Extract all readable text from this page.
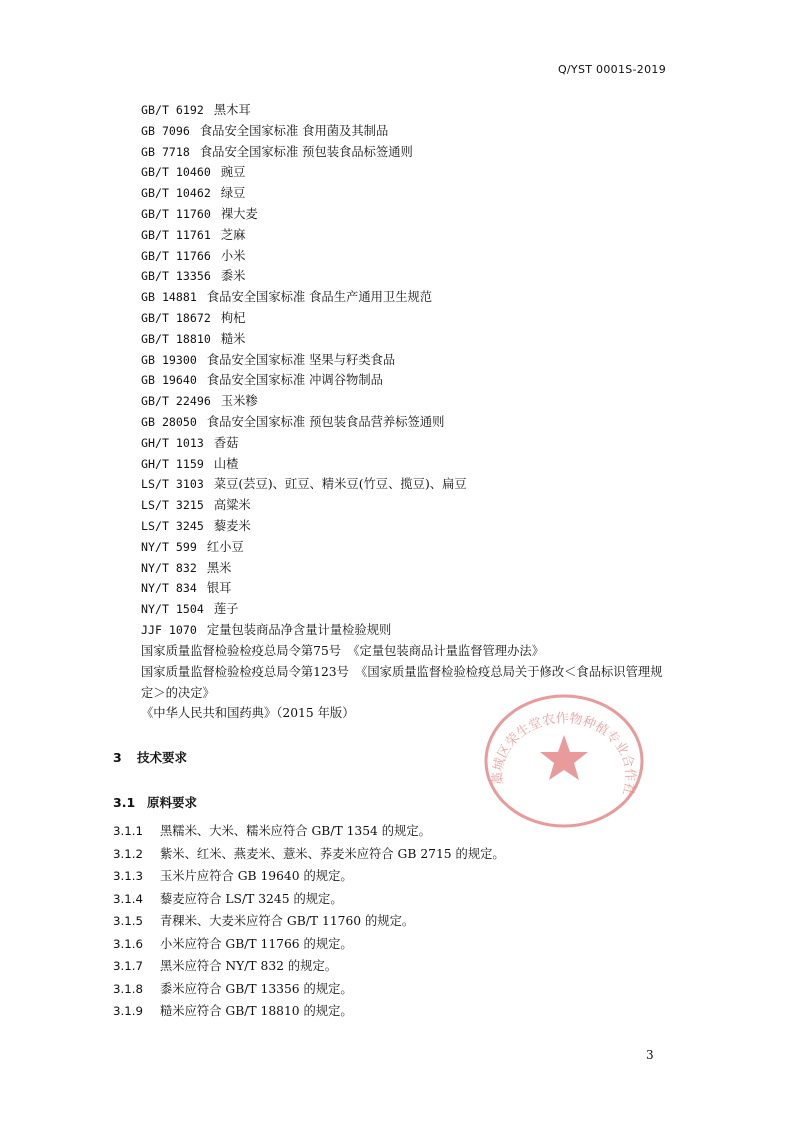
Q/YST 0001S-2019
GB/T 6192 黑木耳
GB 7096 食品安全国家标准 食用菌及其制品
GB 7718 食品安全国家标准 预包装食品标签通则
GB/T 10460 豌豆
GB/T 10462 绿豆
GB/T 11760 裸大麦
GB/T 11761 芝麻
GB/T 11766 小米
GB/T 13356 黍米
GB 14881 食品安全国家标准 食品生产通用卫生规范
GB/T 18672 枸杞
GB/T 18810 糙米
GB 19300 食品安全国家标准 坚果与籽类食品
GB 19640 食品安全国家标准 冲调谷物制品
GB/T 22496 玉米糁
GB 28050 食品安全国家标准 预包装食品营养标签通则
GH/T 1013 香菇
GH/T 1159 山楂
LS/T 3103 菜豆(芸豆)、豇豆、精米豆(竹豆、揽豆)、扁豆
LS/T 3215 高粱米
LS/T 3245 藜麦米
NY/T 599 红小豆
NY/T 832 黑米
NY/T 834 银耳
NY/T 1504 莲子
JJF 1070 定量包装商品净含量计量检验规则
国家质量监督检验检疫总局令第75号　《定量包装商品计量监督管理办法》
国家质量监督检验检疫总局令第123号　《国家质量监督检验检疫总局关于修改＜食品标识管理规定＞的决定》
《中华人民共和国药典》（2015 年版）
3 技术要求
3.1 原料要求
3.1.1 黑糯米、大米、糯米应符合 GB/T 1354 的规定。
3.1.2 紫米、红米、燕麦米、薏米、荞麦米应符合 GB 2715 的规定。
3.1.3 玉米片应符合 GB 19640 的规定。
3.1.4 藜麦应符合 LS/T 3245 的规定。
3.1.5 青稞米、大麦米应符合 GB/T 11760 的规定。
3.1.6 小米应符合 GB/T 11766 的规定。
3.1.7 黑米应符合 NY/T 832 的规定。
3.1.8 黍米应符合 GB/T 13356 的规定。
3.1.9 糙米应符合 GB/T 18810 的规定。
藁城区荣生堂农作物种植专业合作社
3
